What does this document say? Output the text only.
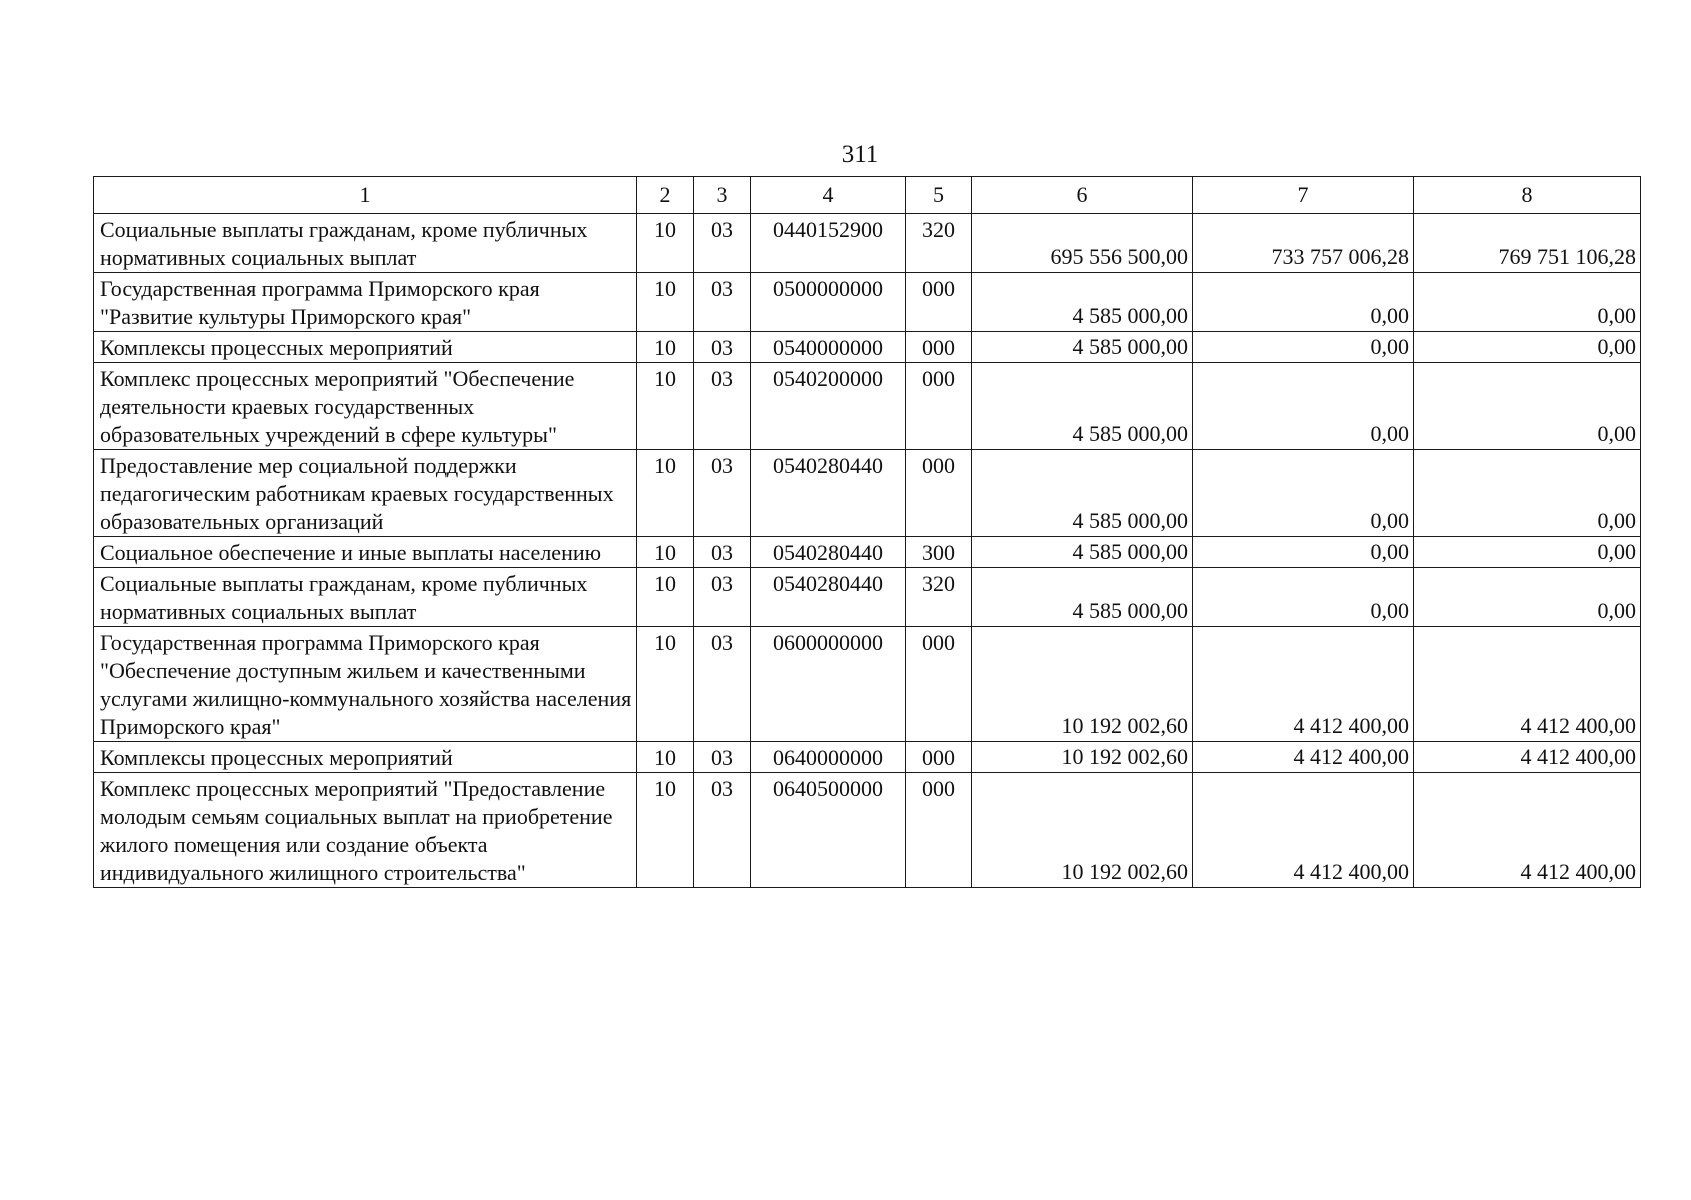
311
1	2	3	4	5	6	7	8
Социальные выплаты гражданам, кроме публичных нормативных социальных выплат	10	03	0440152900	320	695 556 500,00	733 757 006,28	769 751 106,28
Государственная программа Приморского края "Развитие культуры Приморского края"	10	03	0500000000	000	4 585 000,00	0,00	0,00
Комплексы процессных мероприятий	10	03	0540000000	000	4 585 000,00	0,00	0,00
Комплекс процессных мероприятий "Обеспечение деятельности краевых государственных образовательных учреждений в сфере культуры"	10	03	0540200000	000	4 585 000,00	0,00	0,00
Предоставление мер социальной поддержки педагогическим работникам краевых государственных образовательных организаций	10	03	0540280440	000	4 585 000,00	0,00	0,00
Социальное обеспечение и иные выплаты населению	10	03	0540280440	300	4 585 000,00	0,00	0,00
Социальные выплаты гражданам, кроме публичных нормативных социальных выплат	10	03	0540280440	320	4 585 000,00	0,00	0,00
Государственная программа Приморского края "Обеспечение доступным жильем и качественными услугами жилищно-коммунального хозяйства населения Приморского края"	10	03	0600000000	000	10 192 002,60	4 412 400,00	4 412 400,00
Комплексы процессных мероприятий	10	03	0640000000	000	10 192 002,60	4 412 400,00	4 412 400,00
Комплекс процессных мероприятий "Предоставление молодым семьям социальных выплат на приобретение жилого помещения или создание объекта индивидуального жилищного строительства"	10	03	0640500000	000	10 192 002,60	4 412 400,00	4 412 400,00
